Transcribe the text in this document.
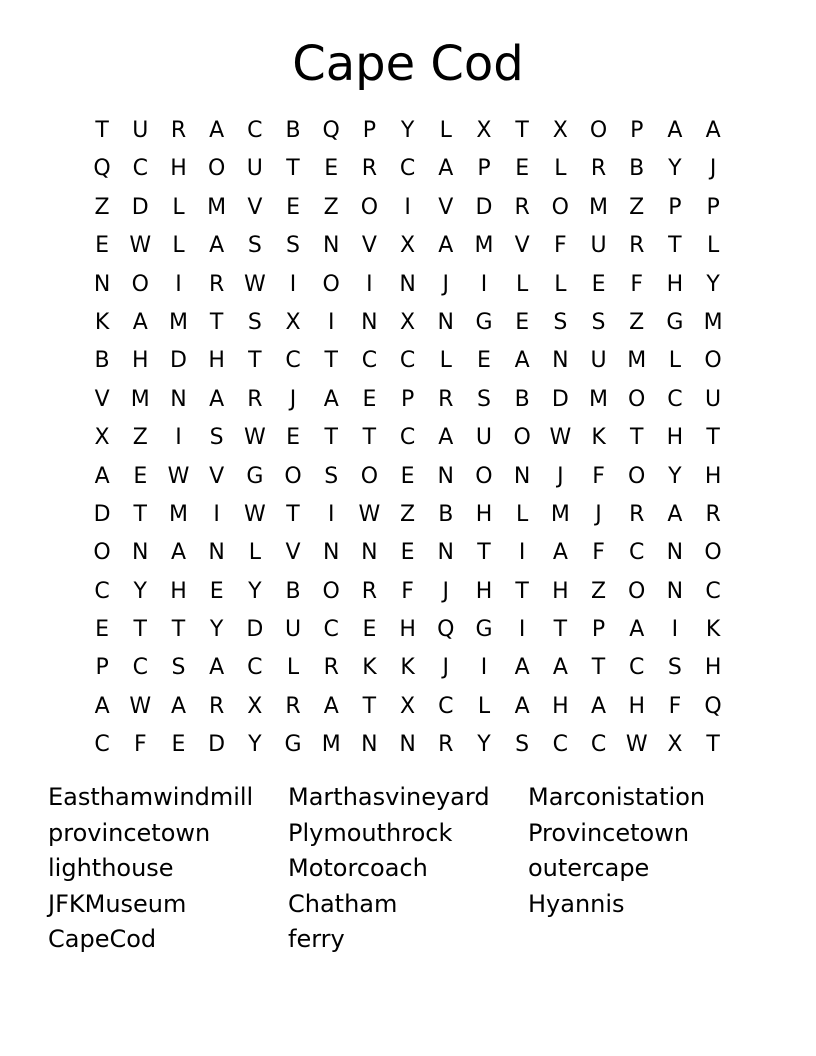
Cape Cod
T	U	R	A	C	B Q	P	Y	L	X	T	X O	P	A	A
Q C	H O U	T	E	R	C	A	P	E	L	R	B	Y	J
Z	D	L	M V	E	Z O	I	V	D	R O M Z	P	P
E W L	A	S	S	N	V	X	A M V	F	U	R	T	L
N O	I	R W	I	O	I	N	J	I	L	L	E	F	H	Y
K	A M T	S	X	I	N	X	N G	E	S	S	Z	G M
B	H D H	T	C	T	C	C	L	E	A	N U M	L	O
V M N	A	R	J	A	E	P	R	S	B	D M O C	U
X	Z	I	S W E	T	T	C	A	U O W K	T	H	T
A	E W V	G O	S	O	E	N O N	J	F	O	Y	H
D	T M	I	W T	I	W Z	B	H	L	M	J	R	A	R
O N	A	N	L	V	N N	E	N	T	I	A	F	C	N O
C	Y	H	E	Y	B O R	F	J	H	T	H	Z O N	C
E	T	T	Y	D U	C	E	H Q G	I	T	P	A	I	K
P	C	S	A	C	L	R	K	K	J	I	A	A	T	C	S	H
A W A	R	X	R	A	T	X	C	L	A	H	A	H	F	Q
C	F	E	D	Y	G M N N	R	Y	S	C	C W X	T
Easthamwindmill
provincetown
lighthouse
JFKMuseum
CapeCod
Marthasvineyard
Plymouthrock
Motorcoach
Chatham
ferry
Marconistation
Provincetown
outercape
Hyannis
